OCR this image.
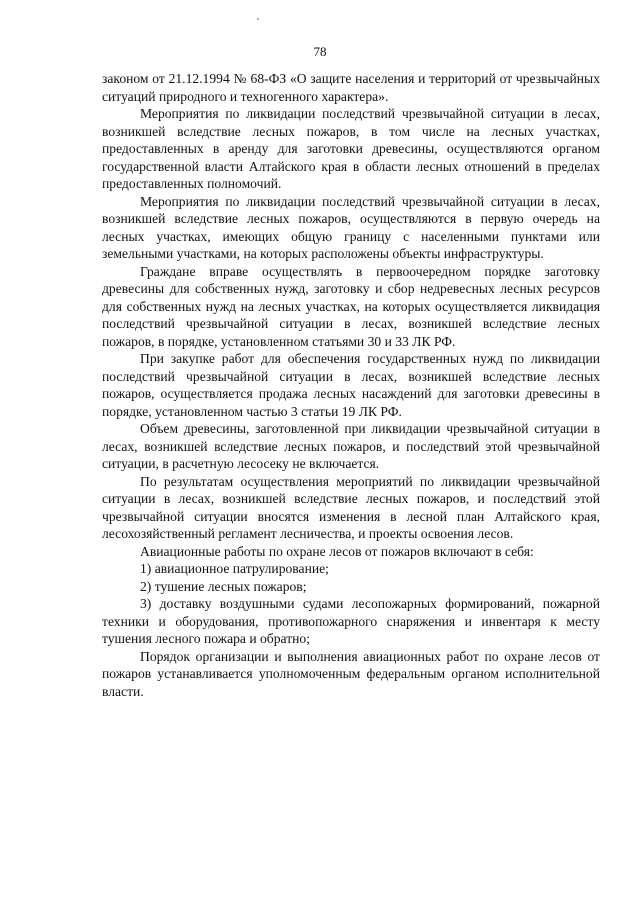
78

законом от 21.12.1994 № 68-ФЗ «О защите населения и территорий от чрезвычайных ситуаций природного и техногенного характера».

Мероприятия по ликвидации последствий чрезвычайной ситуации в лесах, возникшей вследствие лесных пожаров, в том числе на лесных участках, предоставленных в аренду для заготовки древесины, осуществляются органом государственной власти Алтайского края в области лесных отношений в пределах предоставленных полномочий.

Мероприятия по ликвидации последствий чрезвычайной ситуации в лесах, возникшей вследствие лесных пожаров, осуществляются в первую очередь на лесных участках, имеющих общую границу с населенными пунктами или земельными участками, на которых расположены объекты инфраструктуры.

Граждане вправе осуществлять в первоочередном порядке заготовку древесины для собственных нужд, заготовку и сбор недревесных лесных ресурсов для собственных нужд на лесных участках, на которых осуществляется ликвидация последствий чрезвычайной ситуации в лесах, возникшей вследствие лесных пожаров, в порядке, установленном статьями 30 и 33 ЛК РФ.

При закупке работ для обеспечения государственных нужд по ликвидации последствий чрезвычайной ситуации в лесах, возникшей вследствие лесных пожаров, осуществляется продажа лесных насаждений для заготовки древесины в порядке, установленном частью 3 статьи 19 ЛК РФ.

Объем древесины, заготовленной при ликвидации чрезвычайной ситуации в лесах, возникшей вследствие лесных пожаров, и последствий этой чрезвычайной ситуации, в расчетную лесосеку не включается.

По результатам осуществления мероприятий по ликвидации чрезвычайной ситуации в лесах, возникшей вследствие лесных пожаров, и последствий этой чрезвычайной ситуации вносятся изменения в лесной план Алтайского края, лесохозяйственный регламент лесничества, и проекты освоения лесов.

Авиационные работы по охране лесов от пожаров включают в себя:

1) авиационное патрулирование;

2) тушение лесных пожаров;

3) доставку воздушными судами лесопожарных формирований, пожарной техники и оборудования, противопожарного снаряжения и инвентаря к месту тушения лесного пожара и обратно;

Порядок организации и выполнения авиационных работ по охране лесов от пожаров устанавливается уполномоченным федеральным органом исполнительной власти.
